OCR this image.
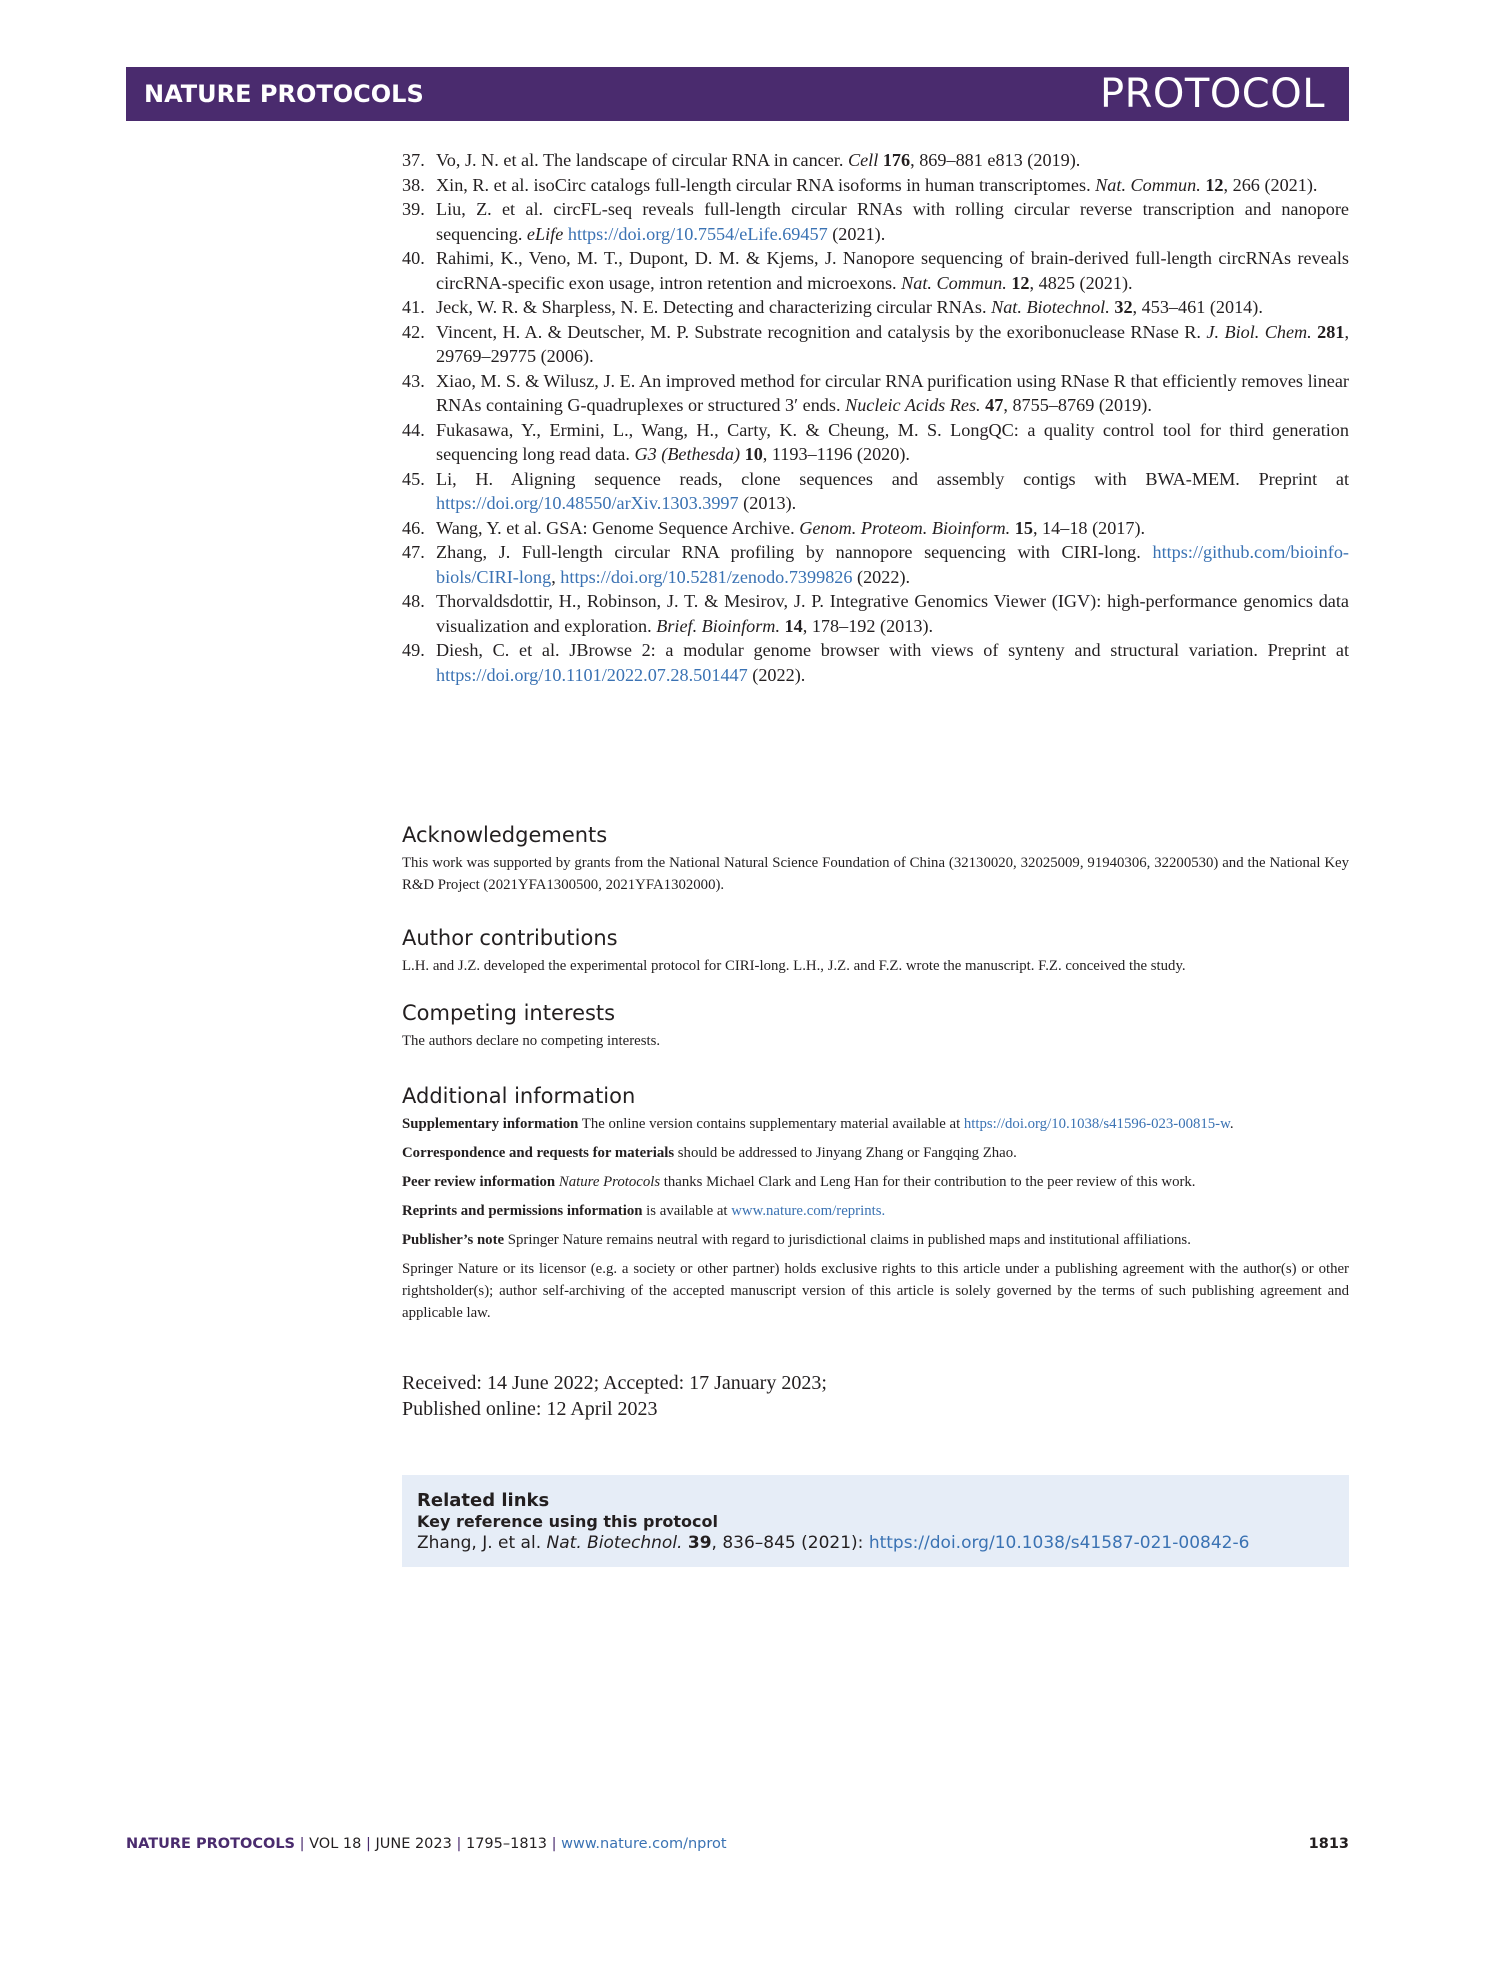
NATURE PROTOCOLS	PROTOCOL
37. Vo, J. N. et al. The landscape of circular RNA in cancer. Cell 176, 869–881 e813 (2019).
38. Xin, R. et al. isoCirc catalogs full-length circular RNA isoforms in human transcriptomes. Nat. Commun. 12, 266 (2021).
39. Liu, Z. et al. circFL-seq reveals full-length circular RNAs with rolling circular reverse transcription and nanopore sequencing. eLife https://doi.org/10.7554/eLife.69457 (2021).
40. Rahimi, K., Veno, M. T., Dupont, D. M. & Kjems, J. Nanopore sequencing of brain-derived full-length circRNAs reveals circRNA-specific exon usage, intron retention and microexons. Nat. Commun. 12, 4825 (2021).
41. Jeck, W. R. & Sharpless, N. E. Detecting and characterizing circular RNAs. Nat. Biotechnol. 32, 453–461 (2014).
42. Vincent, H. A. & Deutscher, M. P. Substrate recognition and catalysis by the exoribonuclease RNase R. J. Biol. Chem. 281, 29769–29775 (2006).
43. Xiao, M. S. & Wilusz, J. E. An improved method for circular RNA purification using RNase R that efficiently removes linear RNAs containing G-quadruplexes or structured 3′ ends. Nucleic Acids Res. 47, 8755–8769 (2019).
44. Fukasawa, Y., Ermini, L., Wang, H., Carty, K. & Cheung, M. S. LongQC: a quality control tool for third generation sequencing long read data. G3 (Bethesda) 10, 1193–1196 (2020).
45. Li, H. Aligning sequence reads, clone sequences and assembly contigs with BWA-MEM. Preprint at https://doi.org/10.48550/arXiv.1303.3997 (2013).
46. Wang, Y. et al. GSA: Genome Sequence Archive. Genom. Proteom. Bioinform. 15, 14–18 (2017).
47. Zhang, J. Full-length circular RNA profiling by nannopore sequencing with CIRI-long. https://github.com/bioinfo-biols/CIRI-long, https://doi.org/10.5281/zenodo.7399826 (2022).
48. Thorvaldsdottir, H., Robinson, J. T. & Mesirov, J. P. Integrative Genomics Viewer (IGV): high-performance genomics data visualization and exploration. Brief. Bioinform. 14, 178–192 (2013).
49. Diesh, C. et al. JBrowse 2: a modular genome browser with views of synteny and structural variation. Preprint at https://doi.org/10.1101/2022.07.28.501447 (2022).
Acknowledgements

This work was supported by grants from the National Natural Science Foundation of China (32130020, 32025009, 91940306, 32200530) and the National Key R&D Project (2021YFA1300500, 2021YFA1302000).

Author contributions

L.H. and J.Z. developed the experimental protocol for CIRI-long. L.H., J.Z. and F.Z. wrote the manuscript. F.Z. conceived the study.

Competing interests

The authors declare no competing interests.

Additional information

Supplementary information The online version contains supplementary material available at https://doi.org/10.1038/s41596-023-00815-w.

Correspondence and requests for materials should be addressed to Jinyang Zhang or Fangqing Zhao.

Peer review information Nature Protocols thanks Michael Clark and Leng Han for their contribution to the peer review of this work.

Reprints and permissions information is available at www.nature.com/reprints.

Publisher’s note Springer Nature remains neutral with regard to jurisdictional claims in published maps and institutional affiliations.

Springer Nature or its licensor (e.g. a society or other partner) holds exclusive rights to this article under a publishing agreement with the author(s) or other rightsholder(s); author self-archiving of the accepted manuscript version of this article is solely governed by the terms of such publishing agreement and applicable law.

Received: 14 June 2022; Accepted: 17 January 2023;
Published online: 12 April 2023
Related links
Key reference using this protocol
Zhang, J. et al. Nat. Biotechnol. 39, 836–845 (2021): https://doi.org/10.1038/s41587-021-00842-6
NATURE PROTOCOLS | VOL 18 | JUNE 2023 | 1795–1813 | www.nature.com/nprot	1813
